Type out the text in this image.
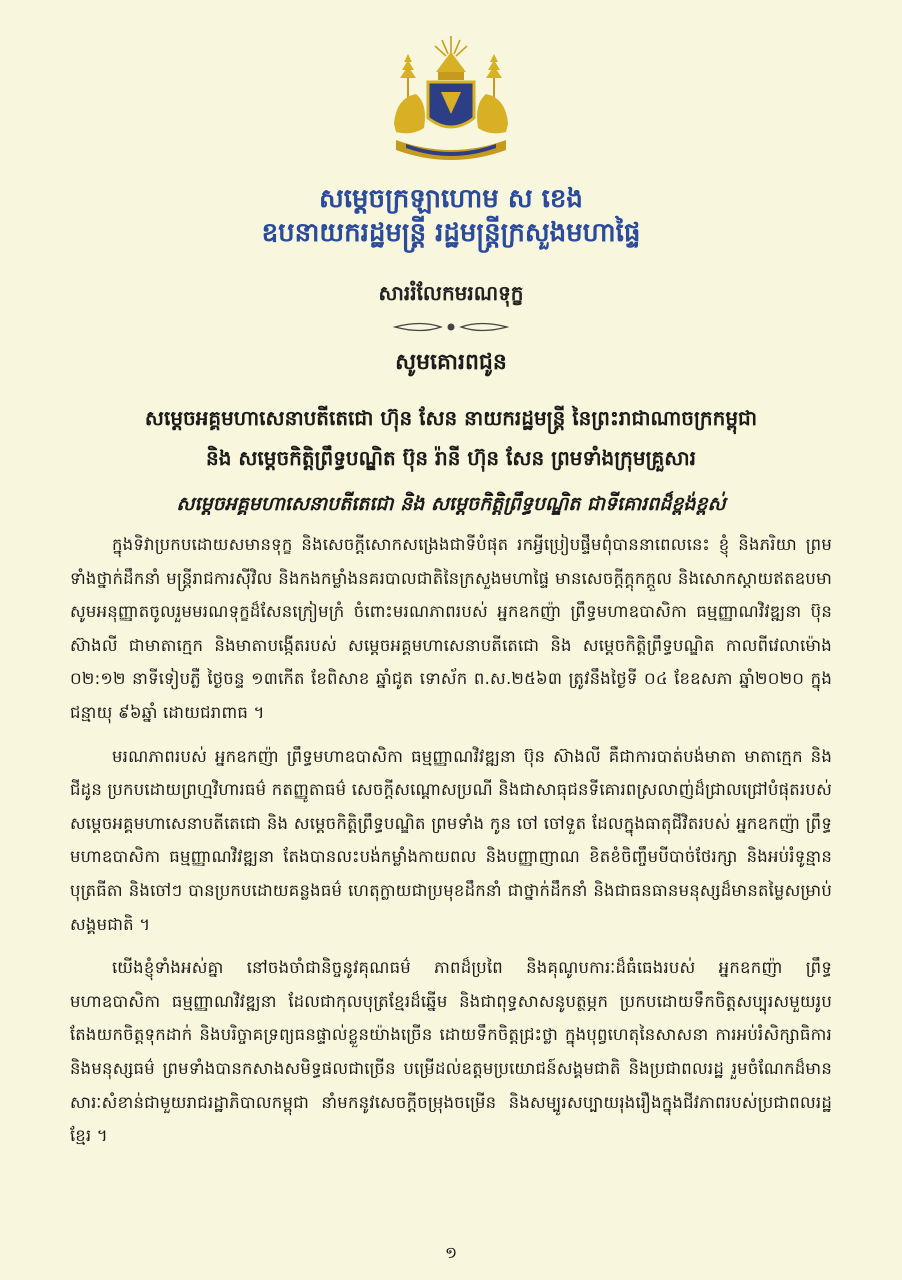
សម្តេចក្រឡាហោម ស ខេង

ឧបនាយករដ្ឋមន្ត្រី រដ្ឋមន្ត្រីក្រសួងមហាផ្ទៃ

សាររំលែកមរណទុក្ខ
សូមគោរពជូន

សម្តេចអគ្គមហាសេនាបតីតេជោ ហ៊ុន សែន នាយករដ្ឋមន្ត្រី នៃព្រះរាជាណាចក្រកម្ពុជា

និង សម្តេចកិត្តិព្រឹទ្ធបណ្ឌិត ប៊ុន រ៉ានី ហ៊ុន សែន ព្រមទាំងក្រុមគ្រួសារ

សម្តេចអគ្គមហាសេនាបតីតេជោ និង សម្តេចកិត្តិព្រឹទ្ធបណ្ឌិត ជាទីគោរពដ៏ខ្ពង់ខ្ពស់

ក្នុងទិវាប្រកបដោយសមានទុក្ខ និងសេចក្តីសោកសង្រេងជាទីបំផុត រកអ្វីប្រៀបផ្ទឹមពុំបាននាពេលនេះ ខ្ញុំ និងភរិយា ព្រមទាំងថ្នាក់ដឹកនាំ មន្ត្រីរាជការស៊ីវិល និងកងកម្លាំងនគរបាលជាតិនៃក្រសួងមហាផ្ទៃ មានសេចក្តីក្តុកក្តួល និងសោកស្តាយឥតឧបមា សូមអនុញ្ញាតចូលរួមមរណទុក្ខដ៏សែនក្រៀមក្រំ ចំពោះមរណភាពរបស់ អ្នកឧកញ៉ា ព្រឹទ្ធមហាឧបាសិកា ធម្មញ្ញាណវិវឌ្ឍនា ប៊ុន ស៊ាងលី ជាមាតាក្មេក និងមាតាបង្កើតរបស់ សម្តេចអគ្គមហាសេនាបតីតេជោ និង សម្តេចកិត្តិព្រឹទ្ធបណ្ឌិត កាលពីវេលាម៉ោង ០២:១២ នាទីទៀបភ្លឺ ថ្ងៃចន្ទ ១៣កើត ខែពិសាខ ឆ្នាំជូត ទោស័ក ព.ស.២៥៦៣ ត្រូវនឹងថ្ងៃទី ០៤ ខែឧសភា ឆ្នាំ២០២០ ក្នុងជន្មាយុ ៩៦ឆ្នាំ ដោយជរាពាធ ។

មរណភាពរបស់ អ្នកឧកញ៉ា ព្រឹទ្ធមហាឧបាសិកា ធម្មញ្ញាណវិវឌ្ឍនា ប៊ុន ស៊ាងលី គឺជាការបាត់បង់មាតា មាតាក្មេក និងជីដូន ប្រកបដោយព្រហ្មវិហារធម៌ កតញ្ញូតាធម៌ សេចក្តីសណ្តោសប្រណី និងជាសាធុជនទីគោរពស្រលាញ់ដ៏ជ្រាលជ្រៅបំផុតរបស់ សម្តេចអគ្គមហាសេនាបតីតេជោ និង សម្តេចកិត្តិព្រឹទ្ធបណ្ឌិត ព្រមទាំង កូន ចៅ ចៅទួត ដែលក្នុងធាតុជីវិតរបស់ អ្នកឧកញ៉ា ព្រឹទ្ធមហាឧបាសិកា ធម្មញ្ញាណវិវឌ្ឍនា តែងបានលះបង់កម្លាំងកាយពល និងបញ្ញាញាណ ខិតខំចិញ្ចឹមបីបាច់ថែរក្សា និងអប់រំទូន្មានបុត្រធីតា និងចៅៗ បានប្រកបដោយគន្លងធម៌ ហេតុក្លាយជាប្រមុខដឹកនាំ ជាថ្នាក់ដឹកនាំ និងជាធនធានមនុស្សដ៏មានតម្លៃសម្រាប់សង្គមជាតិ ។

យើងខ្ញុំទាំងអស់គ្នា នៅចងចាំជានិច្ចនូវគុណធម៌ ភាពដ៏ប្រពៃ និងគុណូបការៈដ៏ធំធេងរបស់ អ្នកឧកញ៉ា ព្រឹទ្ធមហាឧបាសិកា ធម្មញ្ញាណវិវឌ្ឍនា ដែលជាកុលបុត្រខ្មែរដ៏ឆ្នើម និងជាពុទ្ធសាសនូបត្ថម្ភក ប្រកបដោយទឹកចិត្តសប្បុរសមួយរូប តែងយកចិត្តទុកដាក់ និងបរិច្ចាគទ្រព្យធនផ្ទាល់ខ្លួនយ៉ាងច្រើន ដោយទឹកចិត្តជ្រះថ្លា ក្នុងបុព្វហេតុនៃសាសនា ការអប់រំសិក្សាធិការ និងមនុស្សធម៌ ព្រមទាំងបានកសាងសមិទ្ធផលជាច្រើន បម្រើដល់ឧត្តមប្រយោជន៍សង្គមជាតិ និងប្រជាពលរដ្ឋ រួមចំណែកដ៏មានសារៈសំខាន់ជាមួយរាជរដ្ឋាភិបាលកម្ពុជា នាំមកនូវសេចក្តីចម្រុងចម្រើន និងសម្បូរសប្បាយរុងរឿងក្នុងជីវភាពរបស់ប្រជាពលរដ្ឋខ្មែរ ។

១
